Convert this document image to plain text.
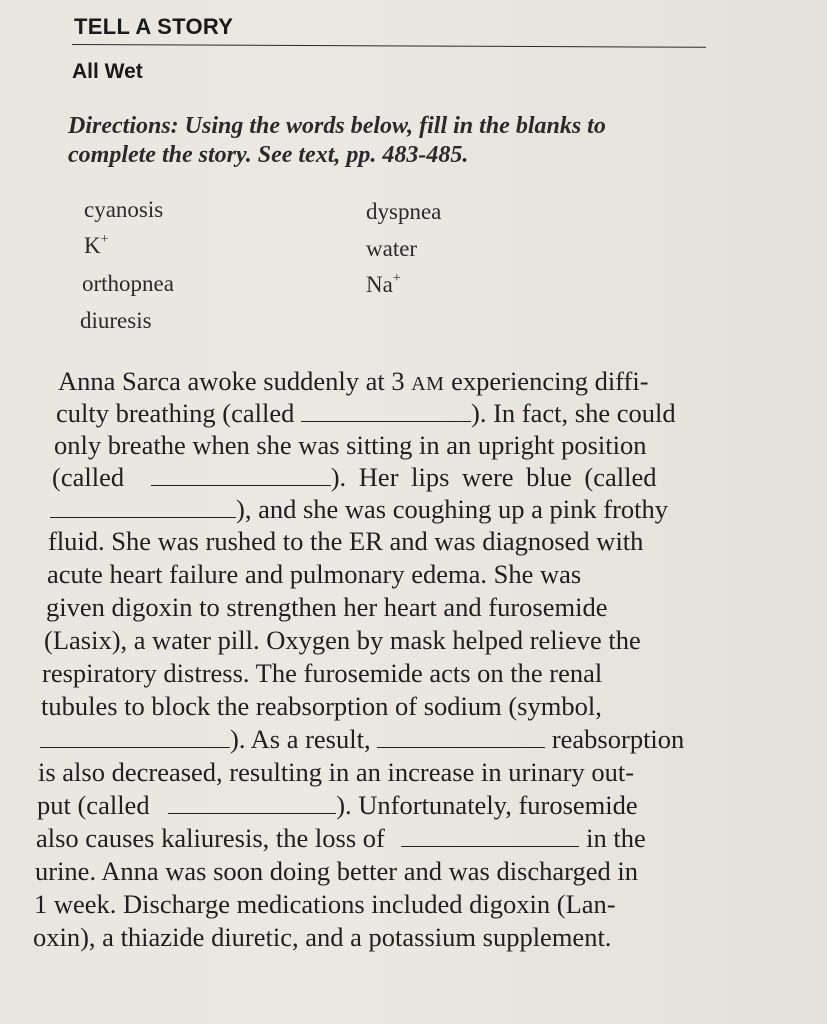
TELL A STORY
All Wet
Directions: Using the words below, fill in the blanks to
complete the story. See text, pp. 483-485.
cyanosis	dyspnea
K+	water
orthopnea	Na+
diuresis
Anna Sarca awoke suddenly at 3 AM experiencing diffi-
culty breathing (called	). In fact, she could
only breathe when she was sitting in an upright position
(called	). Her lips were blue (called
), and she was coughing up a pink frothy
fluid. She was rushed to the ER and was diagnosed with
acute heart failure and pulmonary edema. She was
given digoxin to strengthen her heart and furosemide
(Lasix), a water pill. Oxygen by mask helped relieve the
respiratory distress. The furosemide acts on the renal
tubules to block the reabsorption of sodium (symbol,
). As a result,	reabsorption
is also decreased, resulting in an increase in urinary out-
put (called	). Unfortunately, furosemide
also causes kaliuresis, the loss of	in the
urine. Anna was soon doing better and was discharged in
1 week. Discharge medications included digoxin (Lan-
oxin), a thiazide diuretic, and a potassium supplement.
